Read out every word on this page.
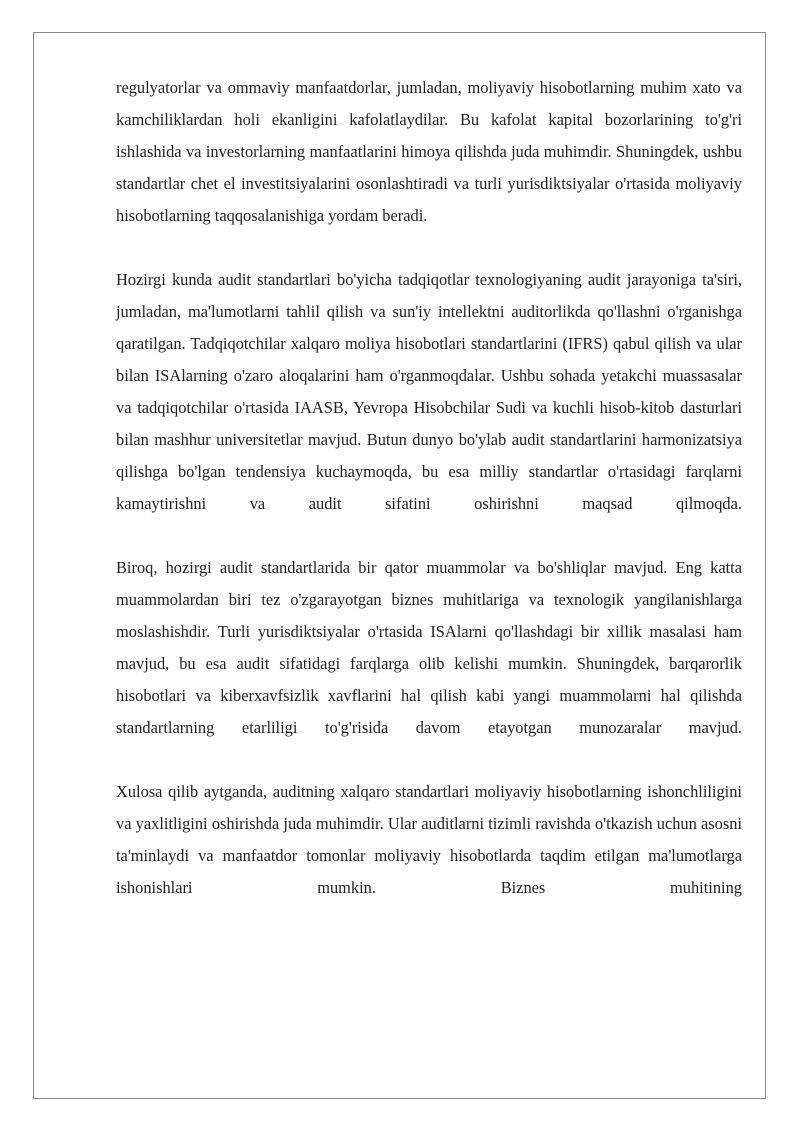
regulyatorlar va ommaviy manfaatdorlar, jumladan, moliyaviy hisobotlarning muhim xato va kamchiliklardan holi ekanligini kafolatlaydilar. Bu kafolat kapital bozorlarining to'g'ri ishlashida va investorlarning manfaatlarini himoya qilishda juda muhimdir. Shuningdek, ushbu standartlar chet el investitsiyalarini osonlashtiradi va turli yurisdiktsiyalar o'rtasida moliyaviy hisobotlarning taqqosalanishiga yordam beradi.

Hozirgi kunda audit standartlari bo'yicha tadqiqotlar texnologiyaning audit jarayoniga ta'siri, jumladan, ma'lumotlarni tahlil qilish va sun'iy intellektni auditorlikda qo'llashni o'rganishga qaratilgan. Tadqiqotchilar xalqaro moliya hisobotlari standartlarini (IFRS) qabul qilish va ular bilan ISAlarning o'zaro aloqalarini ham o'rganmoqdalar. Ushbu sohada yetakchi muassasalar va tadqiqotchilar o'rtasida IAASB, Yevropa Hisobchilar Sudi va kuchli hisob-kitob dasturlari bilan mashhur universitetlar mavjud. Butun dunyo bo'ylab audit standartlarini harmonizatsiya qilishga bo'lgan tendensiya kuchaymoqda, bu esa milliy standartlar o'rtasidagi farqlarni kamaytirishni va audit sifatini oshirishni maqsad qilmoqda.

Biroq, hozirgi audit standartlarida bir qator muammolar va bo'shliqlar mavjud. Eng katta muammolardan biri tez o'zgarayotgan biznes muhitlariga va texnologik yangilanishlarga moslashishdir. Turli yurisdiktsiyalar o'rtasida ISAlarni qo'llashdagi bir xillik masalasi ham mavjud, bu esa audit sifatidagi farqlarga olib kelishi mumkin. Shuningdek, barqarorlik hisobotlari va kiberxavfsizlik xavflarini hal qilish kabi yangi muammolarni hal qilishda standartlarning etarliligi to'g'risida davom etayotgan munozaralar mavjud.

Xulosa qilib aytganda, auditning xalqaro standartlari moliyaviy hisobotlarning ishonchliligini va yaxlitligini oshirishda juda muhimdir. Ular auditlarni tizimli ravishda o'tkazish uchun asosni ta'minlaydi va manfaatdor tomonlar moliyaviy hisobotlarda taqdim etilgan ma'lumotlarga ishonishlari mumkin. Biznes muhitining
